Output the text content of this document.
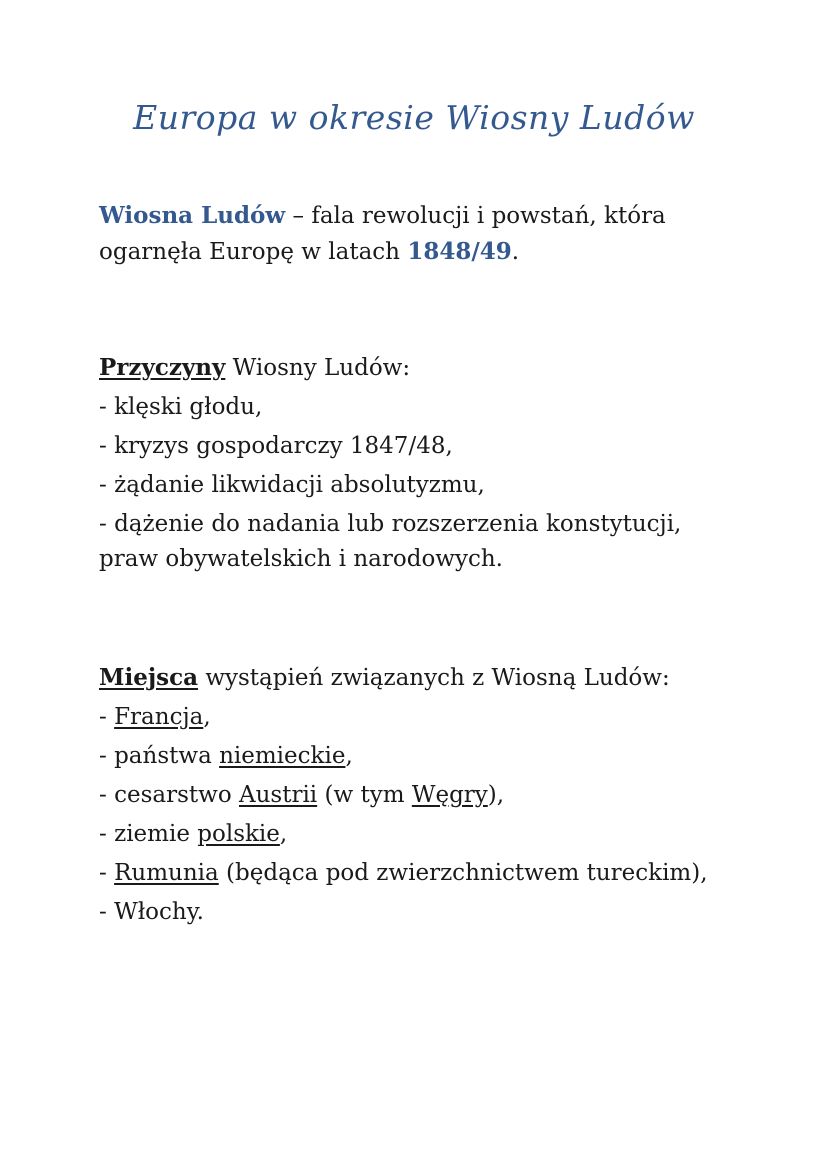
Europa w okresie Wiosny Ludów

Wiosna Ludów – fala rewolucji i powstań, która ogarnęła Europę w latach 1848/49.

Przyczyny Wiosny Ludów:
- klęski głodu,
- kryzys gospodarczy 1847/48,
- żądanie likwidacji absolutyzmu,
- dążenie do nadania lub rozszerzenia konstytucji, praw obywatelskich i narodowych.
Miejsca wystąpień związanych z Wiosną Ludów:
- Francja,
- państwa niemieckie,
- cesarstwo Austrii (w tym Węgry),
- ziemie polskie,
- Rumunia (będąca pod zwierzchnictwem tureckim),
- Włochy.
